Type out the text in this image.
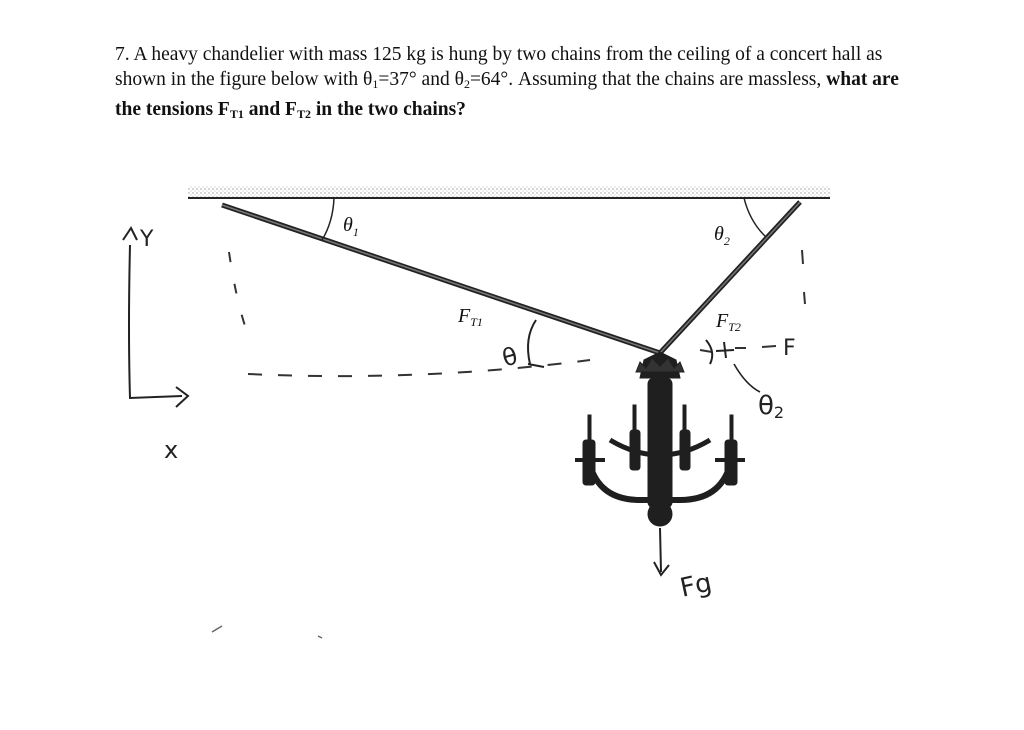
7. A heavy chandelier with mass 125 kg is hung by two chains from the ceiling of a concert hall as shown in the figure below with $\theta_1=37^\circ$ and $\theta_2=64^\circ$. Assuming that the chains are massless, what are the tensions $F_{T1}$ and $F_{T2}$ in the two chains?
$\theta_1$	$\theta_2$
$F_{T1}$	$F_{T2}$
θ	F
θ2
Y
x
Fg
